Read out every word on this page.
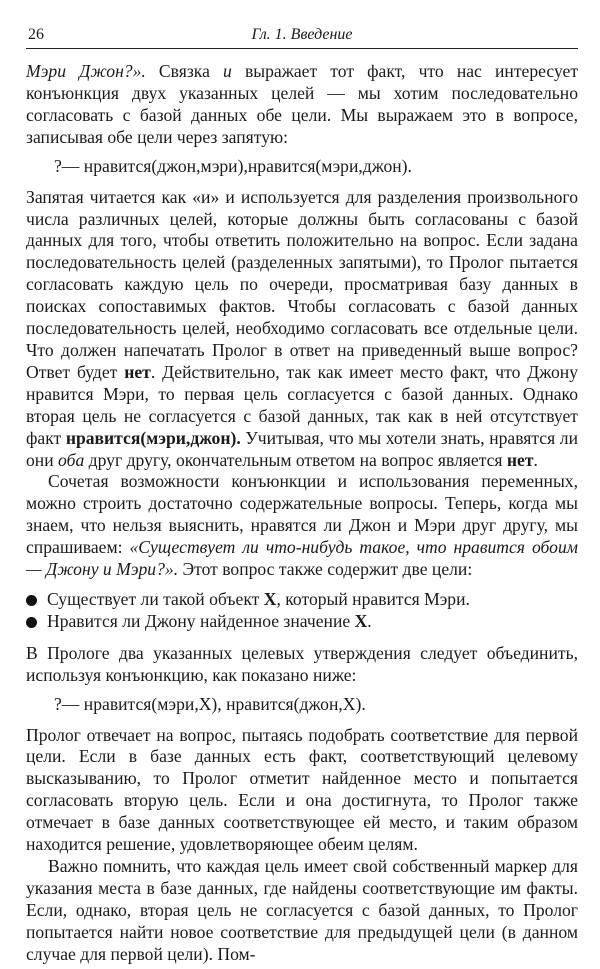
26	Гл. 1. Введение

Мэри Джон?». Связка и выражает тот факт, что нас интересует конъюнкция двух указанных целей — мы хотим последовательно согласовать с базой данных обе цели. Мы выражаем это в вопросе, записывая обе цели через запятую:

?— нравится(джон,мэри),нравится(мэри,джон).

Запятая читается как «и» и используется для разделения произвольного числа различных целей, которые должны быть согласованы с базой данных для того, чтобы ответить положительно на вопрос. Если задана последовательность целей (разделенных запятыми), то Пролог пытается согласовать каждую цель по очереди, просматривая базу данных в поисках сопоставимых фактов. Чтобы согласовать с базой данных последовательность целей, необходимо согласовать все отдельные цели. Что должен напечатать Пролог в ответ на приведенный выше вопрос? Ответ будет нет. Действительно, так как имеет место факт, что Джону нравится Мэри, то первая цель согласуется с базой данных. Однако вторая цель не согласуется с базой данных, так как в ней отсутствует факт нравится(мэри,джон). Учитывая, что мы хотели знать, нравятся ли они оба друг другу, окончательным ответом на вопрос является нет.

Сочетая возможности конъюнкции и использования переменных, можно строить достаточно содержательные вопросы. Теперь, когда мы знаем, что нельзя выяснить, нравятся ли Джон и Мэри друг другу, мы спрашиваем: «Существует ли что-нибудь такое, что нравится обоим — Джону и Мэри?». Этот вопрос также содержит две цели:

Существует ли такой объект X, который нравится Мэри.
Нравится ли Джону найденное значение X.

В Прологе два указанных целевых утверждения следует объединить, используя конъюнкцию, как показано ниже:

?— нравится(мэри,X), нравится(джон,X).

Пролог отвечает на вопрос, пытаясь подобрать соответствие для первой цели. Если в базе данных есть факт, соответствующий целевому высказыванию, то Пролог отметит найденное место и попытается согласовать вторую цель. Если и она достигнута, то Пролог также отмечает в базе данных соответствующее ей место, и таким образом находится решение, удовлетворяющее обеим целям.

Важно помнить, что каждая цель имеет свой собственный маркер для указания места в базе данных, где найдены соответствующие им факты. Если, однако, вторая цель не согласуется с базой данных, то Пролог попытается найти новое соответствие для предыдущей цели (в данном случае для первой цели). Пом-
